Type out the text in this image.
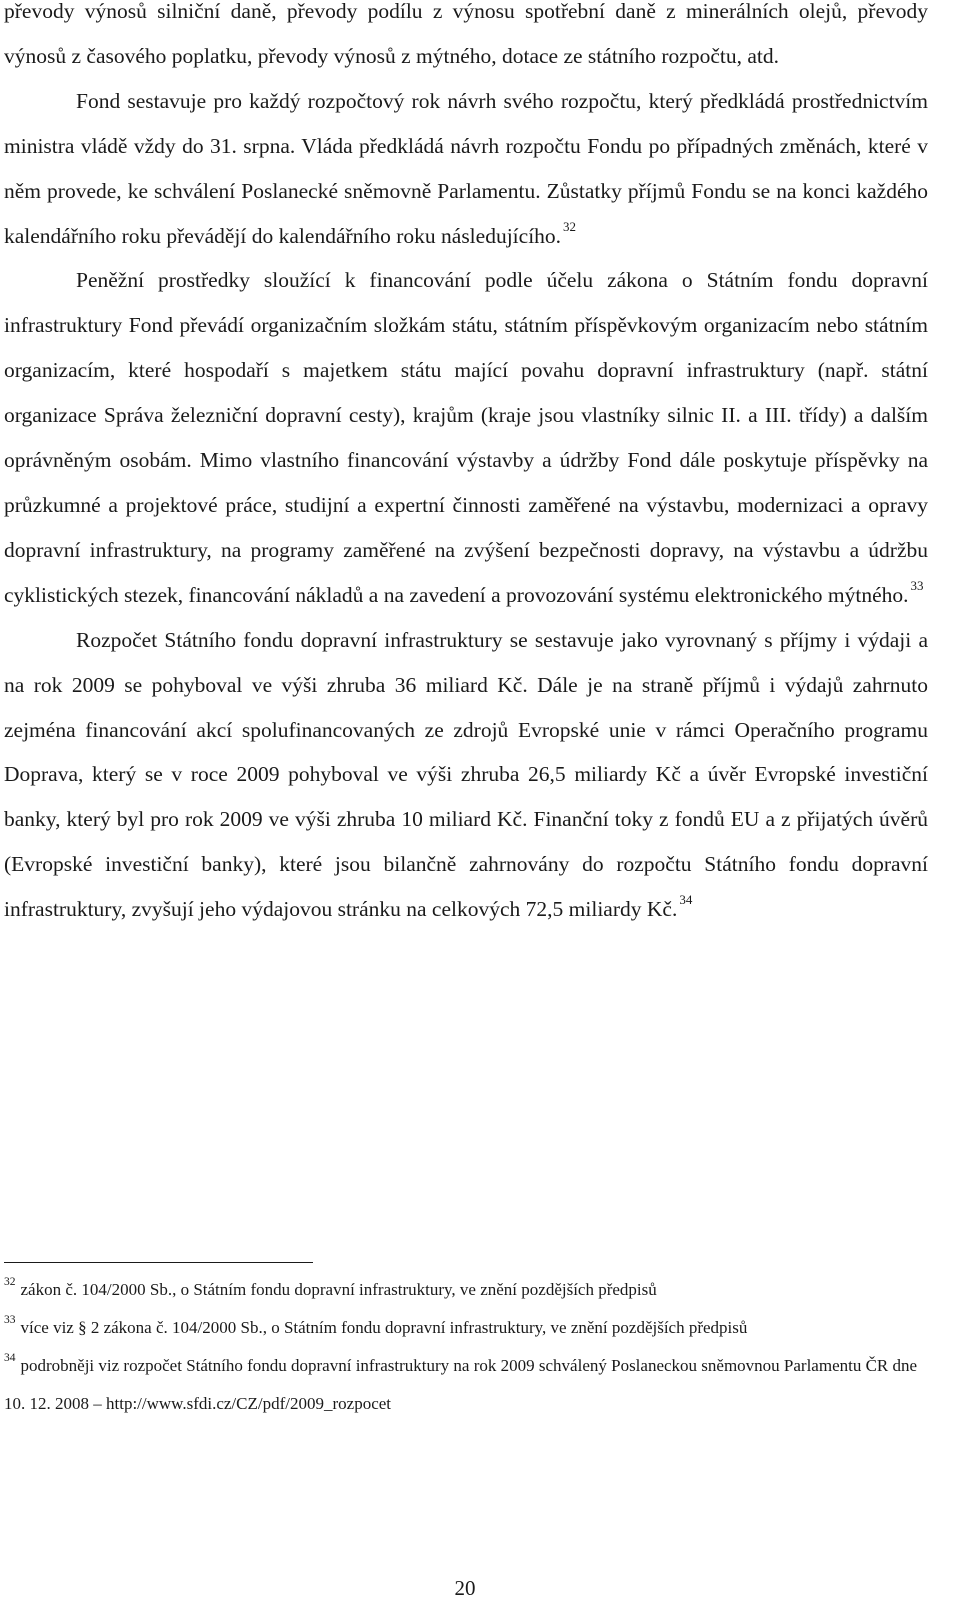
převody výnosů silniční daně, převody podílu z výnosu spotřební daně z minerálních olejů, převody výnosů z časového poplatku, převody výnosů z mýtného, dotace ze státního rozpočtu, atd.

Fond sestavuje pro každý rozpočtový rok návrh svého rozpočtu, který předkládá prostřednictvím ministra vládě vždy do 31. srpna. Vláda předkládá návrh rozpočtu Fondu po případných změnách, které v něm provede, ke schválení Poslanecké sněmovně Parlamentu. Zůstatky příjmů Fondu se na konci každého kalendářního roku převádějí do kalendářního roku následujícího. $^{32}$

Peněžní prostředky sloužící k financování podle účelu zákona o Státním fondu dopravní infrastruktury Fond převádí organizačním složkám státu, státním příspěvkovým organizacím nebo státním organizacím, které hospodaří s majetkem státu mající povahu dopravní infrastruktury (např. státní organizace Správa železniční dopravní cesty), krajům (kraje jsou vlastníky silnic II. a III. třídy) a dalším oprávněným osobám. Mimo vlastního financování výstavby a údržby Fond dále poskytuje příspěvky na průzkumné a projektové práce, studijní a expertní činnosti zaměřené na výstavbu, modernizaci a opravy dopravní infrastruktury, na programy zaměřené na zvýšení bezpečnosti dopravy, na výstavbu a údržbu cyklistických stezek, financování nákladů a na zavedení a provozování systému elektronického mýtného. $^{33}$

Rozpočet Státního fondu dopravní infrastruktury se sestavuje jako vyrovnaný s příjmy i výdaji a na rok 2009 se pohyboval ve výši zhruba 36 miliard Kč. Dále je na straně příjmů i výdajů zahrnuto zejména financování akcí spolufinancovaných ze zdrojů Evropské unie v rámci Operačního programu Doprava, který se v roce 2009 pohyboval ve výši zhruba 26,5 miliardy Kč a úvěr Evropské investiční banky, který byl pro rok 2009 ve výši zhruba 10 miliard Kč. Finanční toky z fondů EU a z přijatých úvěrů (Evropské investiční banky), které jsou bilančně zahrnovány do rozpočtu Státního fondu dopravní infrastruktury, zvyšují jeho výdajovou stránku na celkových 72,5 miliardy Kč. $^{34}$

$^{32}$ zákon č. 104/2000 Sb., o Státním fondu dopravní infrastruktury, ve znění pozdějších předpisů

$^{33}$ více viz § 2 zákona č. 104/2000 Sb., o Státním fondu dopravní infrastruktury, ve znění pozdějších předpisů

$^{34}$ podrobněji viz rozpočet Státního fondu dopravní infrastruktury na rok 2009 schválený Poslaneckou sněmovnou Parlamentu ČR dne 10. 12. 2008 – http://www.sfdi.cz/CZ/pdf/2009_rozpocet

20
